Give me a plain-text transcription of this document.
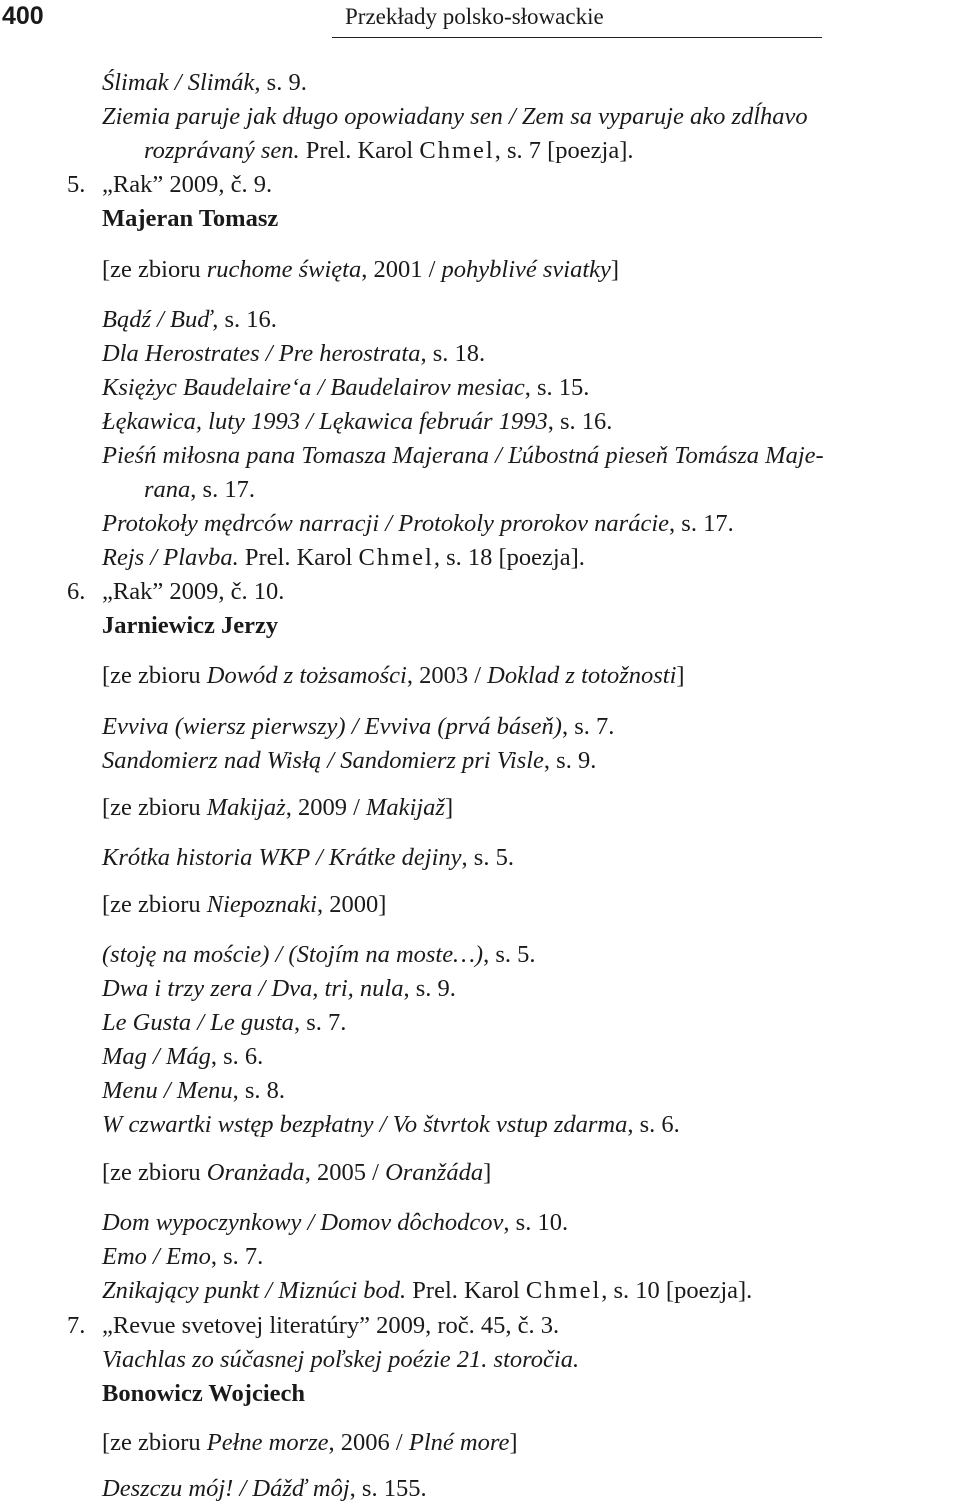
400	Przekłady polsko-słowackie
Ślimak / Slimák, s. 9.
Ziemia paruje jak długo opowiadany sen / Zem sa vyparuje ako zdĺhavo
rozprávaný sen. Prel. Karol Chmel, s. 7 [poezja].
5. „Rak” 2009, č. 9.
Majeran Tomasz
[ze zbioru ruchome święta, 2001 / pohyblivé sviatky]
Bądź / Buď, s. 16.
Dla Herostrates / Pre herostrata, s. 18.
Księżyc Baudelaire‘a / Baudelairov mesiac, s. 15.
Łękawica, luty 1993 / Lękawica február 1993, s. 16.
Pieśń miłosna pana Tomasza Majerana / Ľúbostná pieseň Tomásza Maje-
rana, s. 17.
Protokoły mędrców narracji / Protokoly prorokov narácie, s. 17.
Rejs / Plavba. Prel. Karol Chmel, s. 18 [poezja].
6. „Rak” 2009, č. 10.
Jarniewicz Jerzy
[ze zbioru Dowód z tożsamości, 2003 / Doklad z totožnosti]
Evviva (wiersz pierwszy) / Evviva (prvá báseň), s. 7.
Sandomierz nad Wisłą / Sandomierz pri Visle, s. 9.
[ze zbioru Makijaż, 2009 / Makijaž]
Krótka historia WKP / Krátke dejiny, s. 5.
[ze zbioru Niepoznaki, 2000]
(stoję na moście) / (Stojím na moste…), s. 5.
Dwa i trzy zera / Dva, tri, nula, s. 9.
Le Gusta / Le gusta, s. 7.
Mag / Mág, s. 6.
Menu / Menu, s. 8.
W czwartki wstęp bezpłatny / Vo štvrtok vstup zdarma, s. 6.
[ze zbioru Oranżada, 2005 / Oranžáda]
Dom wypoczynkowy / Domov dôchodcov, s. 10.
Emo / Emo, s. 7.
Znikający punkt / Miznúci bod. Prel. Karol Chmel, s. 10 [poezja].
7. „Revue svetovej literatúry” 2009, roč. 45, č. 3.
Viachlas zo súčasnej poľskej poézie 21. storočia.
Bonowicz Wojciech
[ze zbioru Pełne morze, 2006 / Plné more]
Deszczu mój! / Dážď môj, s. 155.
